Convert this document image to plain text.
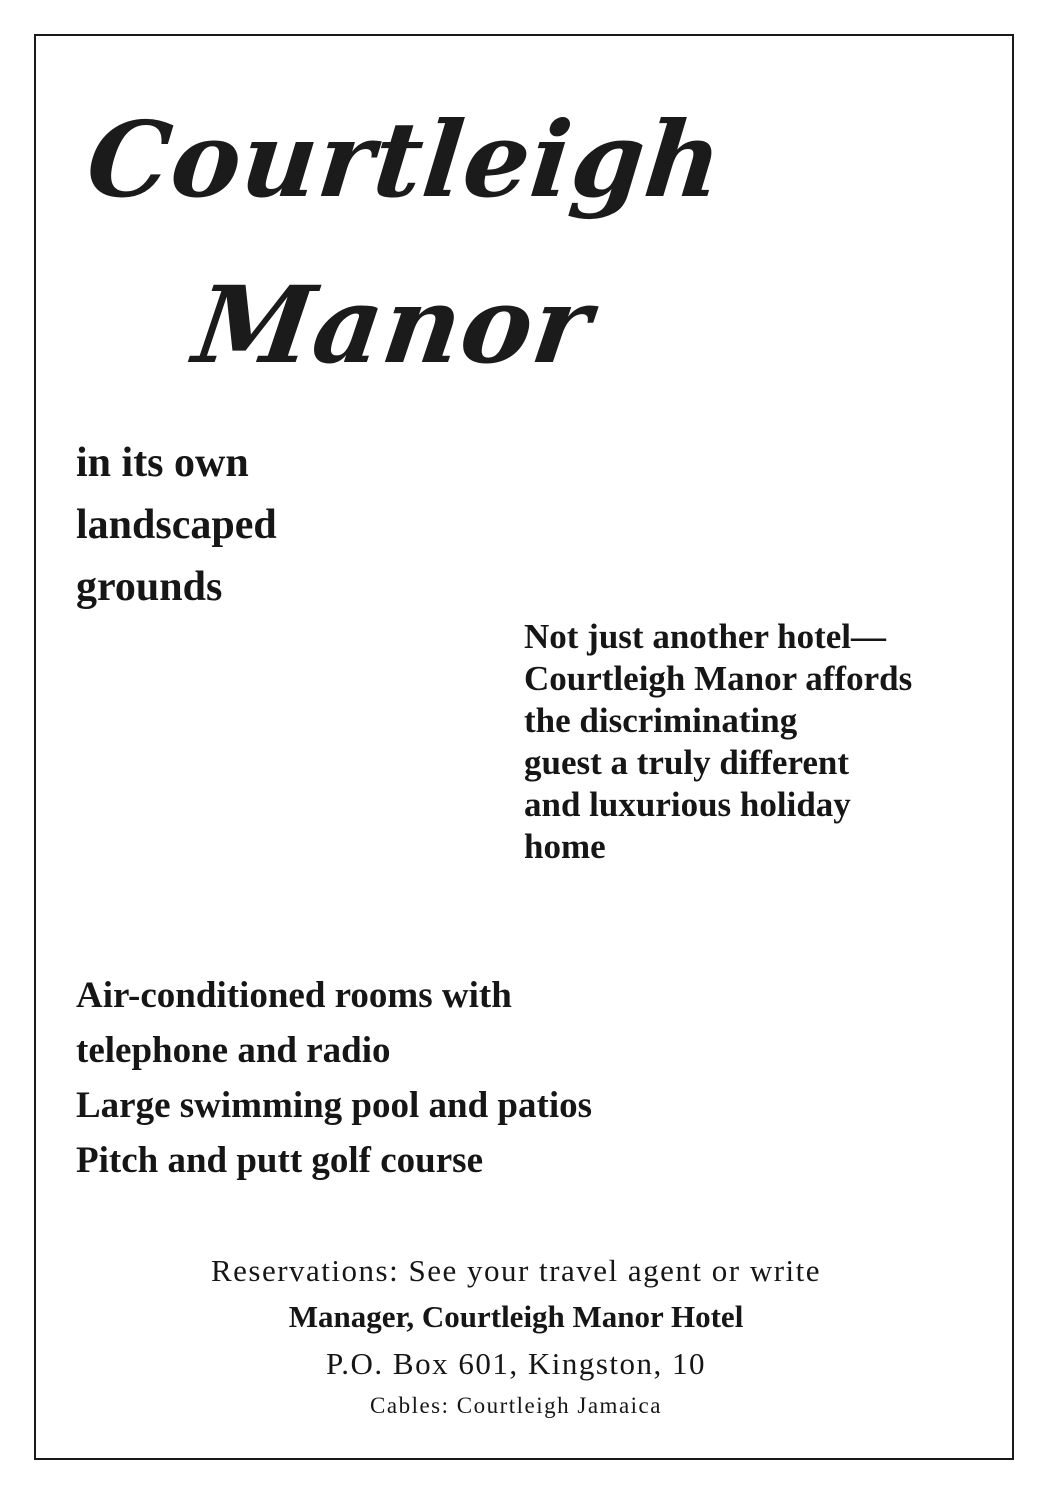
Courtleigh
Manor
in its own
landscaped
grounds
Not just another hotel—
Courtleigh Manor affords
the discriminating
guest a truly different
and luxurious holiday
home
Air-conditioned rooms with
telephone and radio
Large swimming pool and patios
Pitch and putt golf course
Reservations: See your travel agent or write
Manager, Courtleigh Manor Hotel
P.O. Box 601, Kingston, 10
Cables: Courtleigh Jamaica
